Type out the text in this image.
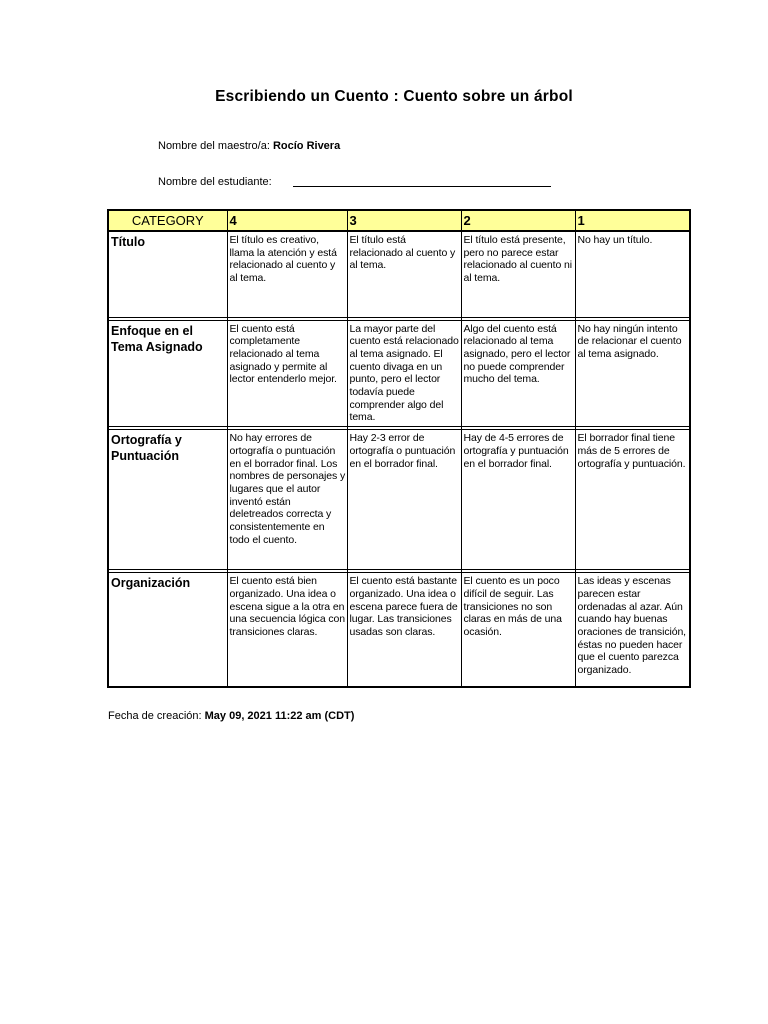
Escribiendo un Cuento : Cuento sobre un árbol
Nombre del maestro/a: Rocío Rivera
Nombre del estudiante:
CATEGORY	4	3	2	1
Título	El título es creativo, llama la atención y está relacionado al cuento y al tema.	El título está relacionado al cuento y al tema.	El título está presente, pero no parece estar relacionado al cuento ni al tema.	No hay un título.

Enfoque en el Tema Asignado	El cuento está completamente relacionado al tema asignado y permite al lector entenderlo mejor.	La mayor parte del cuento está relacionado al tema asignado. El cuento divaga en un punto, pero el lector todavía puede comprender algo del tema.	Algo del cuento está relacionado al tema asignado, pero el lector no puede comprender mucho del tema.	No hay ningún intento de relacionar el cuento al tema asignado.

Ortografía y Puntuación	No hay errores de ortografía o puntuación en el borrador final. Los nombres de personajes y lugares que el autor inventó están deletreados correcta y consistentemente en todo el cuento.	Hay 2-3 error de ortografía o puntuación en el borrador final.	Hay de 4-5 errores de ortografía y puntuación en el borrador final.	El borrador final tiene más de 5 errores de ortografía y puntuación.

Organización	El cuento está bien organizado. Una idea o escena sigue a la otra en una secuencia lógica con transiciones claras.	El cuento está bastante organizado. Una idea o escena parece fuera de lugar. Las transiciones usadas son claras.	El cuento es un poco difícil de seguir. Las transiciones no son claras en más de una ocasión.	Las ideas y escenas parecen estar ordenadas al azar. Aún cuando hay buenas oraciones de transición, éstas no pueden hacer que el cuento parezca organizado.
Fecha de creación: May 09, 2021 11:22 am (CDT)
